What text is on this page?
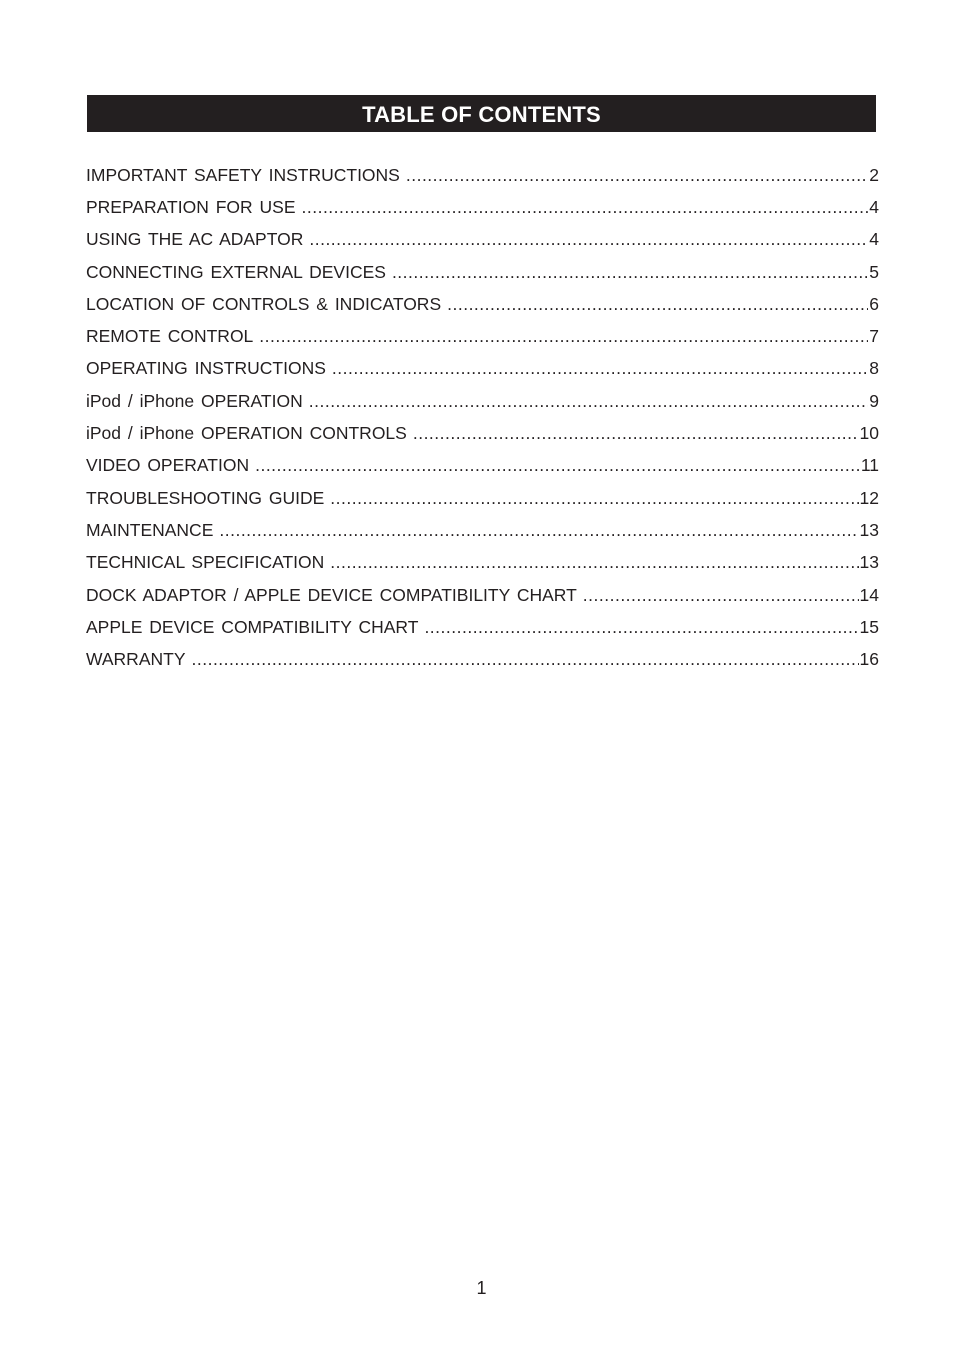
TABLE OF CONTENTS
IMPORTANT SAFETY INSTRUCTIONS .....	2
PREPARATION FOR USE .....	4
USING THE AC ADAPTOR .....	4
CONNECTING EXTERNAL DEVICES .....	5
LOCATION OF CONTROLS & INDICATORS .....	6
REMOTE CONTROL .....	7
OPERATING INSTRUCTIONS .....	8
iPod / iPhone OPERATION .....	9
iPod / iPhone OPERATION CONTROLS .....	10
VIDEO OPERATION .....	11
TROUBLESHOOTING GUIDE .....	12
MAINTENANCE .....	13
TECHNICAL SPECIFICATION .....	13
DOCK ADAPTOR / APPLE DEVICE COMPATIBILITY CHART .....	14
APPLE DEVICE COMPATIBILITY CHART .....	15
WARRANTY .....	16
1
